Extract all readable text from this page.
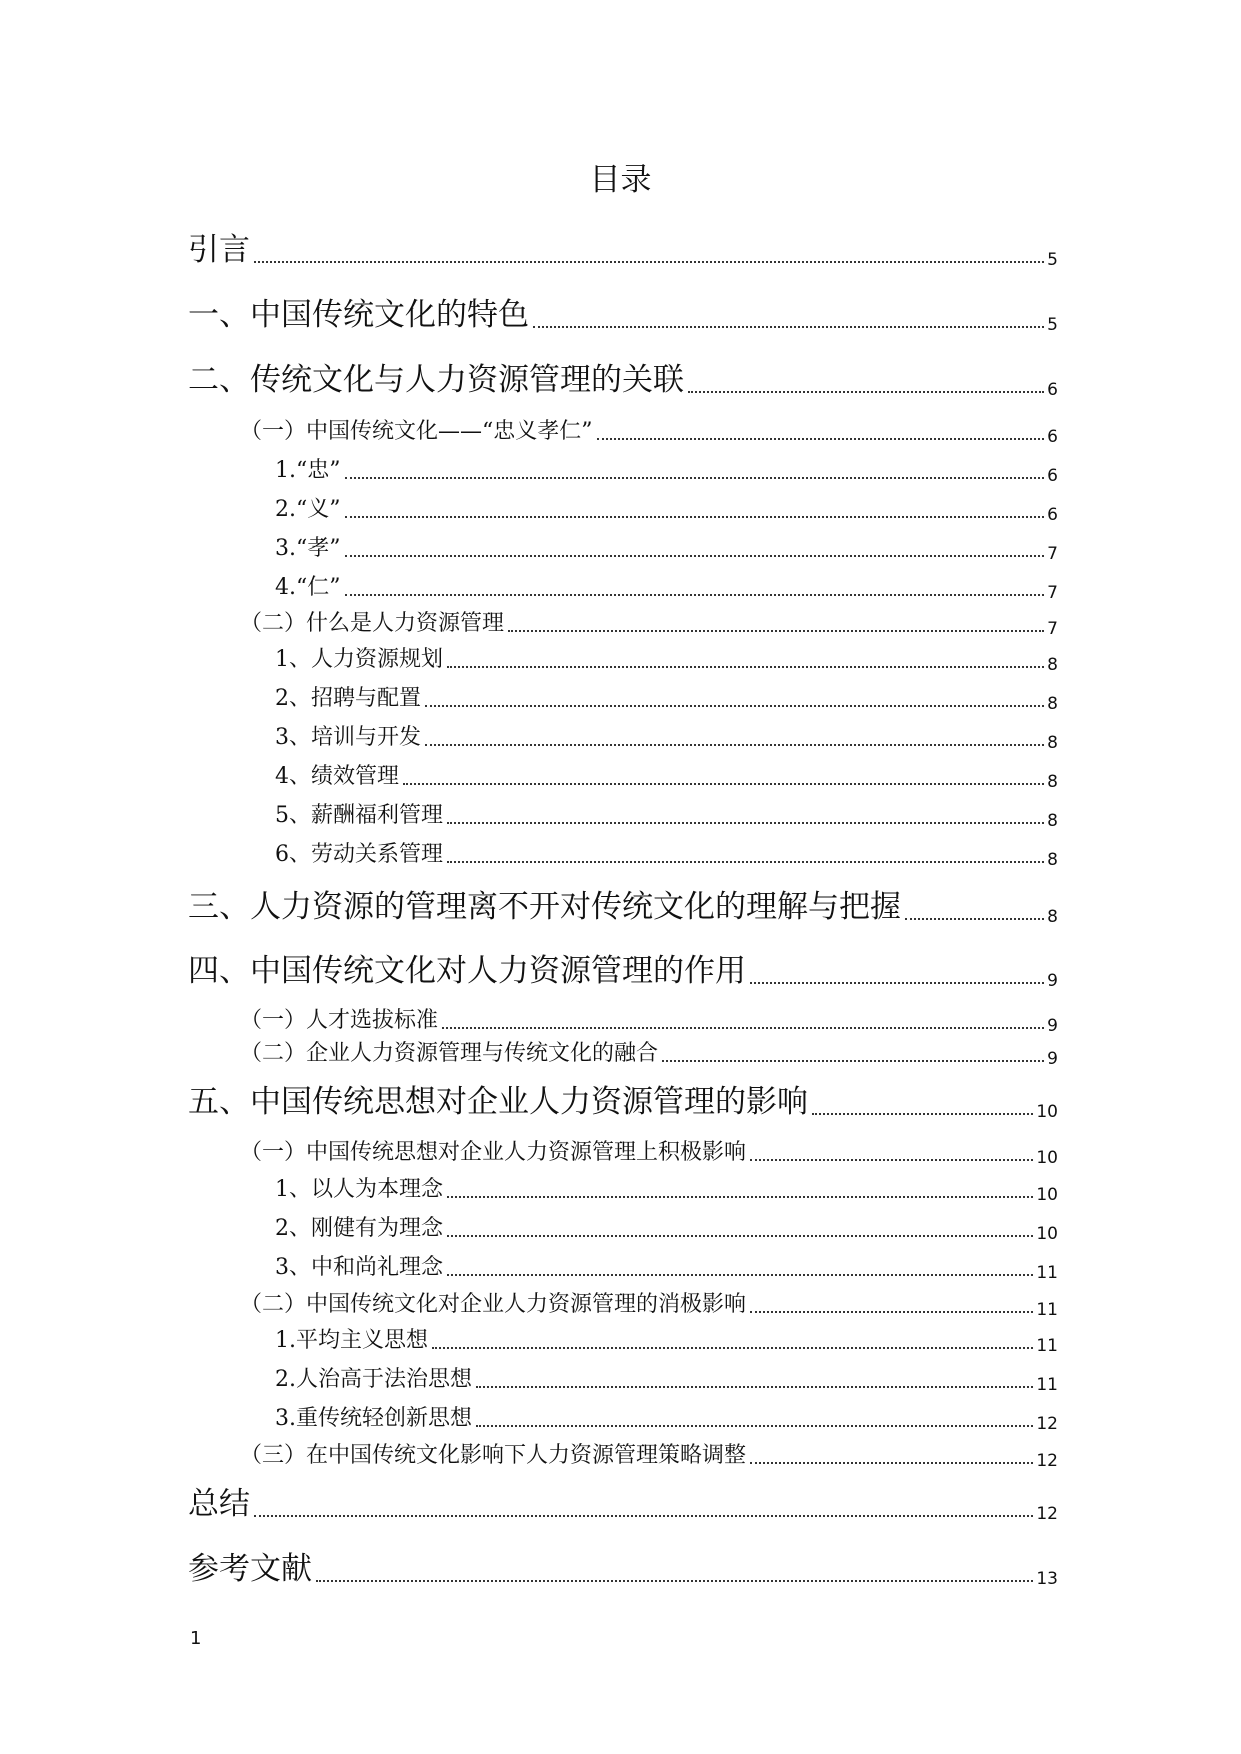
目录
引言	5
一、中国传统文化的特色	5
二、传统文化与人力资源管理的关联	6
（一）中国传统文化——“忠义孝仁”	6
1.“忠”	6
2.“义”	6
3.“孝”	7
4.“仁”	7
（二）什么是人力资源管理	7
1、人力资源规划	8
2、招聘与配置	8
3、培训与开发	8
4、绩效管理	8
5、薪酬福利管理	8
6、劳动关系管理	8
三、人力资源的管理离不开对传统文化的理解与把握	8
四、中国传统文化对人力资源管理的作用	9
（一）人才选拔标准	9
（二）企业人力资源管理与传统文化的融合	9
五、中国传统思想对企业人力资源管理的影响	10
（一）中国传统思想对企业人力资源管理上积极影响	10
1、以人为本理念	10
2、刚健有为理念	10
3、中和尚礼理念	11
（二）中国传统文化对企业人力资源管理的消极影响	11
1.平均主义思想	11
2.人治高于法治思想	11
3.重传统轻创新思想	12
（三）在中国传统文化影响下人力资源管理策略调整	12
总结	12
参考文献	13
1
